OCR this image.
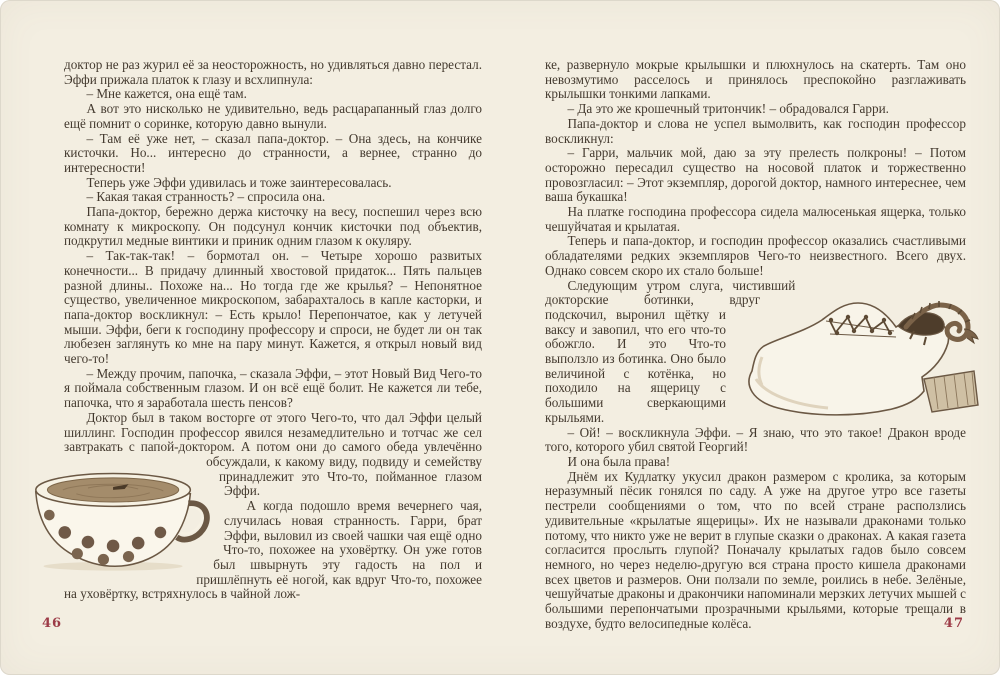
доктор не раз журил её за неосторожность, но удивляться давно перестал. Эффи прижала платок к глазу и всхлипнула:

– Мне кажется, она ещё там.

А вот это нисколько не удивительно, ведь расцарапанный глаз долго ещё помнит о соринке, которую давно вынули.

– Там её уже нет, – сказал папа-доктор. – Она здесь, на кончике кисточки. Но... интересно до странности, а вернее, странно до интересности!

Теперь уже Эффи удивилась и тоже заинтересовалась.

– Какая такая странность? – спросила она.

Папа-доктор, бережно держа кисточку на весу, поспешил через всю комнату к микроскопу. Он подсунул кончик кисточки под объектив, подкрутил медные винтики и приник одним глазом к окуляру.

– Так-так-так! – бормотал он. – Четыре хорошо развитых конечности... В придачу длинный хвостовой придаток... Пять пальцев разной длины.. Похоже на... Но тогда где же крылья? – Непонятное существо, увеличенное микроскопом, забарахталось в капле касторки, и папа-доктор воскликнул: – Есть крыло! Перепончатое, как у летучей мыши. Эффи, беги к господину профессору и спроси, не будет ли он так любезен заглянуть ко мне на пару минут. Кажется, я открыл новый вид чего-то!

– Между прочим, папочка, – сказала Эффи, – этот Новый Вид Чего-то я поймала собственным глазом. И он всё ещё болит. Не кажется ли тебе, папочка, что я заработала шесть пенсов?

Доктор был в таком восторге от этого Чего-то, что дал Эффи целый шиллинг. Господин профессор явился незамедлительно и тотчас же сел завтракать с папой-доктором. А потом они до самого
обеда увлечённо обсуждали, к какому виду, подвиду и семейству принадлежит это Что-то, пойманное глазом Эффи.

А когда подошло время вечернего чая, случилась новая странность. Гарри, брат Эффи, выловил из своей чашки чая ещё одно Что-то, похожее на уховёртку. Он уже готов был швырнуть эту гадость на пол и пришлёпнуть её ногой, как вдруг Что-то, похожее на уховёртку, встряхнулось в чайной лож-

46

ке, развернуло мокрые крылышки и плюхнулось на скатерть. Там оно невозмутимо расселось и принялось преспокойно разглаживать крылышки тонкими лапками.

– Да это же крошечный тритончик! – обрадовался Гарри.

Папа-доктор и слова не успел вымолвить, как господин профессор воскликнул:

– Гарри, мальчик мой, даю за эту прелесть полкроны! – Потом осторожно пересадил существо на носовой платок и торжественно провозгласил: – Этот экземпляр, дорогой доктор, намного интереснее, чем ваша букашка!

На платке господина профессора сидела малюсенькая ящерка, только чешуйчатая и крылатая.

Теперь и папа-доктор, и господин профессор оказались счастливыми обладателями редких экземпляров Чего-то неизвестного. Всего двух. Однако совсем скоро их стало больше!

Следующим утром слуга, чистивший докторские ботинки, вдруг подскочил, выронил щётку и ваксу и завопил, что его что-то обожгло. И это Что-то выползло из ботинка. Оно было величиной с котёнка, но походило на ящерицу с большими сверкающими крыльями.

– Ой! – воскликнула Эффи. – Я знаю, что это такое! Дракон вроде того, которого убил святой Георгий!

И она была права!

Днём их Кудлатку укусил дракон размером с кролика, за которым неразумный пёсик гонялся по саду. А уже на другое утро все газеты пестрели сообщениями о том, что по всей стране расползлись удивительные «крылатые ящерицы». Их не называли драконами только потому, что никто уже не верит в глупые сказки о драконах. А какая газета согласится прослыть глупой? Поначалу крылатых гадов было совсем немного, но через неделю-другую вся страна просто кишела драконами всех цветов и размеров. Они ползали по земле, роились в небе. Зелёные, чешуйчатые драконы и дракончики напоминали мерзких летучих мышей с большими перепончатыми прозрачными крыльями, которые трещали в воздухе, будто велосипедные колёса.	47
